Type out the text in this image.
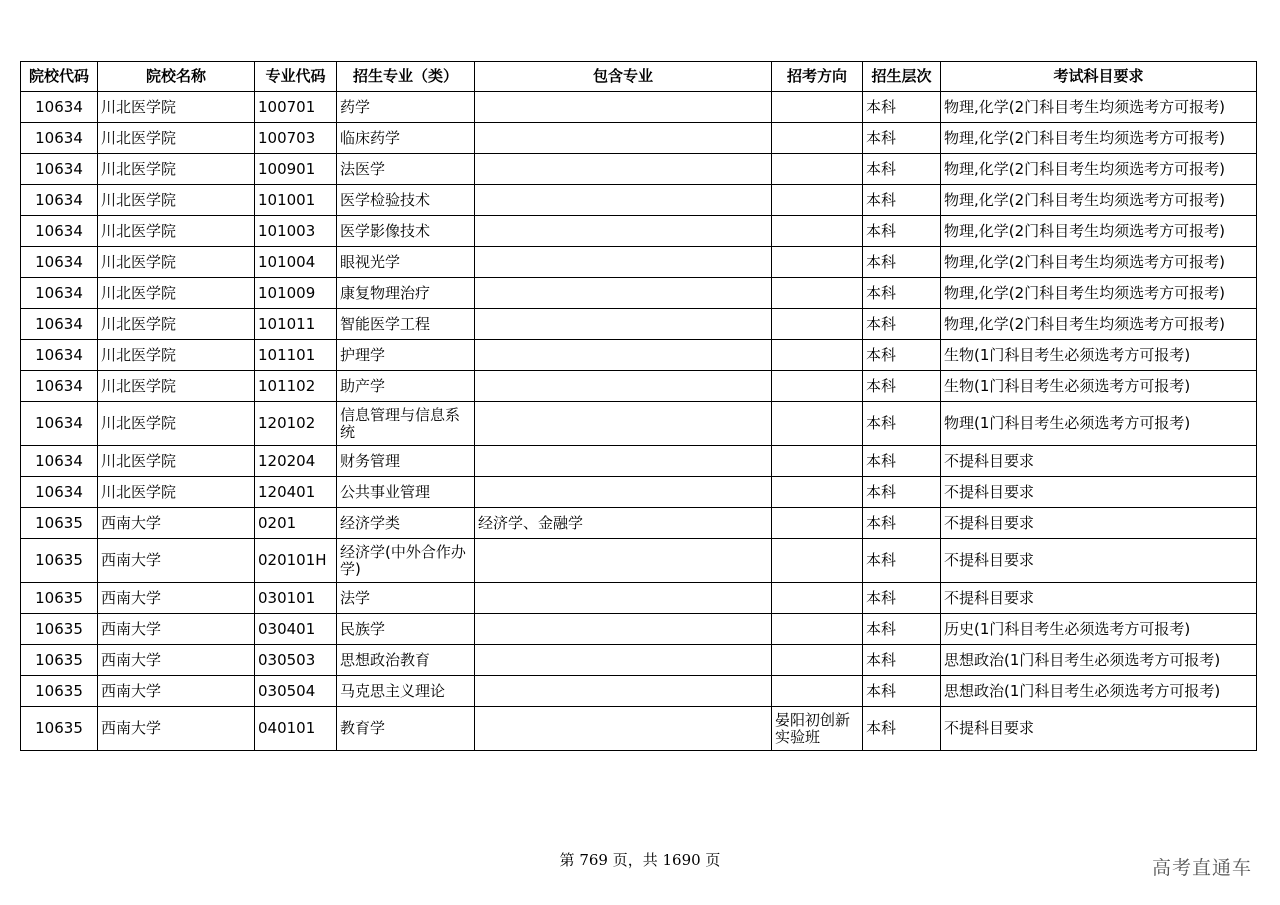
院校代码	院校名称	专业代码	招生专业（类）	包含专业	招考方向	招生层次	考试科目要求
10634	川北医学院	100701	药学			本科	物理,化学(2门科目考生均须选考方可报考)
10634	川北医学院	100703	临床药学			本科	物理,化学(2门科目考生均须选考方可报考)
10634	川北医学院	100901	法医学			本科	物理,化学(2门科目考生均须选考方可报考)
10634	川北医学院	101001	医学检验技术			本科	物理,化学(2门科目考生均须选考方可报考)
10634	川北医学院	101003	医学影像技术			本科	物理,化学(2门科目考生均须选考方可报考)
10634	川北医学院	101004	眼视光学			本科	物理,化学(2门科目考生均须选考方可报考)
10634	川北医学院	101009	康复物理治疗			本科	物理,化学(2门科目考生均须选考方可报考)
10634	川北医学院	101011	智能医学工程			本科	物理,化学(2门科目考生均须选考方可报考)
10634	川北医学院	101101	护理学			本科	生物(1门科目考生必须选考方可报考)
10634	川北医学院	101102	助产学			本科	生物(1门科目考生必须选考方可报考)
10634	川北医学院	120102	信息管理与信息系统			本科	物理(1门科目考生必须选考方可报考)
10634	川北医学院	120204	财务管理			本科	不提科目要求
10634	川北医学院	120401	公共事业管理			本科	不提科目要求
10635	西南大学	0201	经济学类	经济学、金融学		本科	不提科目要求
10635	西南大学	020101H	经济学(中外合作办学)			本科	不提科目要求
10635	西南大学	030101	法学			本科	不提科目要求
10635	西南大学	030401	民族学			本科	历史(1门科目考生必须选考方可报考)
10635	西南大学	030503	思想政治教育			本科	思想政治(1门科目考生必须选考方可报考)
10635	西南大学	030504	马克思主义理论			本科	思想政治(1门科目考生必须选考方可报考)
10635	西南大学	040101	教育学		晏阳初创新实验班	本科	不提科目要求
第 769 页，共 1690 页	高考直通车
